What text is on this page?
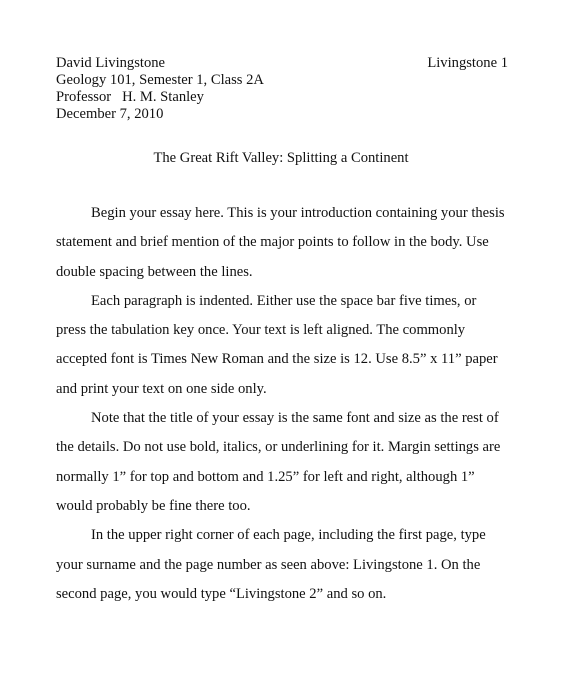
Livingstone 1
David Livingstone
Geology 101, Semester 1, Class 2A
Professor   H. M. Stanley
December 7, 2010
The Great Rift Valley: Splitting a Continent
Begin your essay here. This is your introduction containing your thesis
statement and brief mention of the major points to follow in the body. Use
double spacing between the lines.
Each paragraph is indented. Either use the space bar five times, or
press the tabulation key once. Your text is left aligned. The commonly
accepted font is Times New Roman and the size is 12. Use 8.5” x 11” paper
and print your text on one side only.
Note that the title of your essay is the same font and size as the rest of
the details. Do not use bold, italics, or underlining for it. Margin settings are
normally 1” for top and bottom and 1.25” for left and right, although 1”
would probably be fine there too.
In the upper right corner of each page, including the first page, type
your surname and the page number as seen above: Livingstone 1. On the
second page, you would type “Livingstone 2” and so on.
